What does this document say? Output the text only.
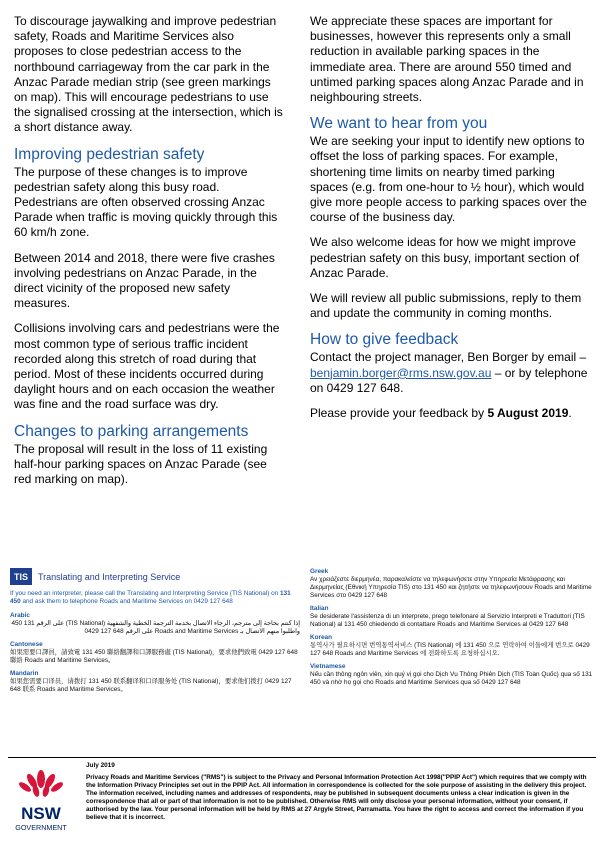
To discourage jaywalking and improve pedestrian safety, Roads and Maritime Services also proposes to close pedestrian access to the northbound carriageway from the car park in the Anzac Parade median strip (see green markings on map). This will encourage pedestrians to use the signalised crossing at the intersection, which is a short distance away.

Improving pedestrian safety

The purpose of these changes is to improve pedestrian safety along this busy road. Pedestrians are often observed crossing Anzac Parade when traffic is moving quickly through this 60 km/h zone.

Between 2014 and 2018, there were five crashes involving pedestrians on Anzac Parade, in the direct vicinity of the proposed new safety measures.

Collisions involving cars and pedestrians were the most common type of serious traffic incident recorded along this stretch of road during that period. Most of these incidents occurred during daylight hours and on each occasion the weather was fine and the road surface was dry.

Changes to parking arrangements

The proposal will result in the loss of 11 existing half-hour parking spaces on Anzac Parade (see red marking on map).

We appreciate these spaces are important for businesses, however this represents only a small reduction in available parking spaces in the immediate area. There are around 550 timed and untimed parking spaces along Anzac Parade and in neighbouring streets.

We want to hear from you

We are seeking your input to identify new options to offset the loss of parking spaces. For example, shortening time limits on nearby timed parking spaces (e.g. from one-hour to ½ hour), which would give more people access to parking spaces over the course of the business day.

We also welcome ideas for how we might improve pedestrian safety on this busy, important section of Anzac Parade.

We will review all public submissions, reply to them and update the community in coming months.

How to give feedback

Contact the project manager, Ben Borger by email – benjamin.borger@rms.nsw.gov.au – or by telephone on 0429 127 648.

Please provide your feedback by 5 August 2019.

TIS	Translating and Interpreting Service
If you need an interpreter, please call the Translating and Interpreting Service (TIS National) on 131 450 and ask them to telephone Roads and Maritime Services on 0429 127 648
Arabic
إذا كنتم بحاجة إلى مترجم، الرجاء الاتصال بخدمة الترجمة الخطية والشفهية (TIS National) على الرقم 131 450 واطلبوا منهم الاتصال بـ Roads and Maritime Services على الرقم 648 127 0429
Cantonese
如果需要口譯員，請致電 131 450 聯絡翻譯和口譯服務處 (TIS National)，要求他們致電 0429 127 648 聯絡 Roads and Maritime Services。
Mandarin
如果您需要口译员，请拨打 131 450 联系翻译和口译服务处 (TIS National)，要求他们拨打 0429 127 648 联系 Roads and Maritime Services。
Greek
Αν χρειάζεστε διερμηνέα, παρακαλείστε να τηλεφωνήσετε στην Υπηρεσία Μετάφρασης και Διερμηνείας (Εθνική Υπηρεσία TIS) στο 131 450 και ζητήστε να τηλεφωνήσουν Roads and Maritime Services στο 0429 127 648
Italian
Se desiderate l'assistenza di un interprete, prego telefonare al Servizio Interpreti e Traduttori (TIS National) al 131 450 chiedendo di contattare Roads and Maritime Services al 0429 127 648
Korean
통역사가 필요하시면 번역통역서비스 (TIS National) 에 131 450 으로 연락하여 이들에게 번으로 0429 127 648 Roads and Maritime Services 에 전화하도록 요청하십시오.
Vietnamese
Nếu cần thông ngôn viên, xin quý vị gọi cho Dịch Vụ Thông Phiên Dịch (TIS Toàn Quốc) qua số 131 450 và nhờ họ gọi cho Roads and Maritime Services qua số 0429 127 648
NSW
GOVERNMENT
July 2019
Privacy Roads and Maritime Services ("RMS") is subject to the Privacy and Personal Information Protection Act 1998("PPIP Act") which requires that we comply with the Information Privacy Principles set out in the PPIP Act. All information in correspondence is collected for the sole purpose of assisting in the delivery this project. The information received, including names and addresses of respondents, may be published in subsequent documents unless a clear indication is given in the correspondence that all or part of that information is not to be published. Otherwise RMS will only disclose your personal information, without your consent, if authorised by the law. Your personal information will be held by RMS at 27 Argyle Street, Parramatta. You have the right to access and correct the information if you believe that it is incorrect.
